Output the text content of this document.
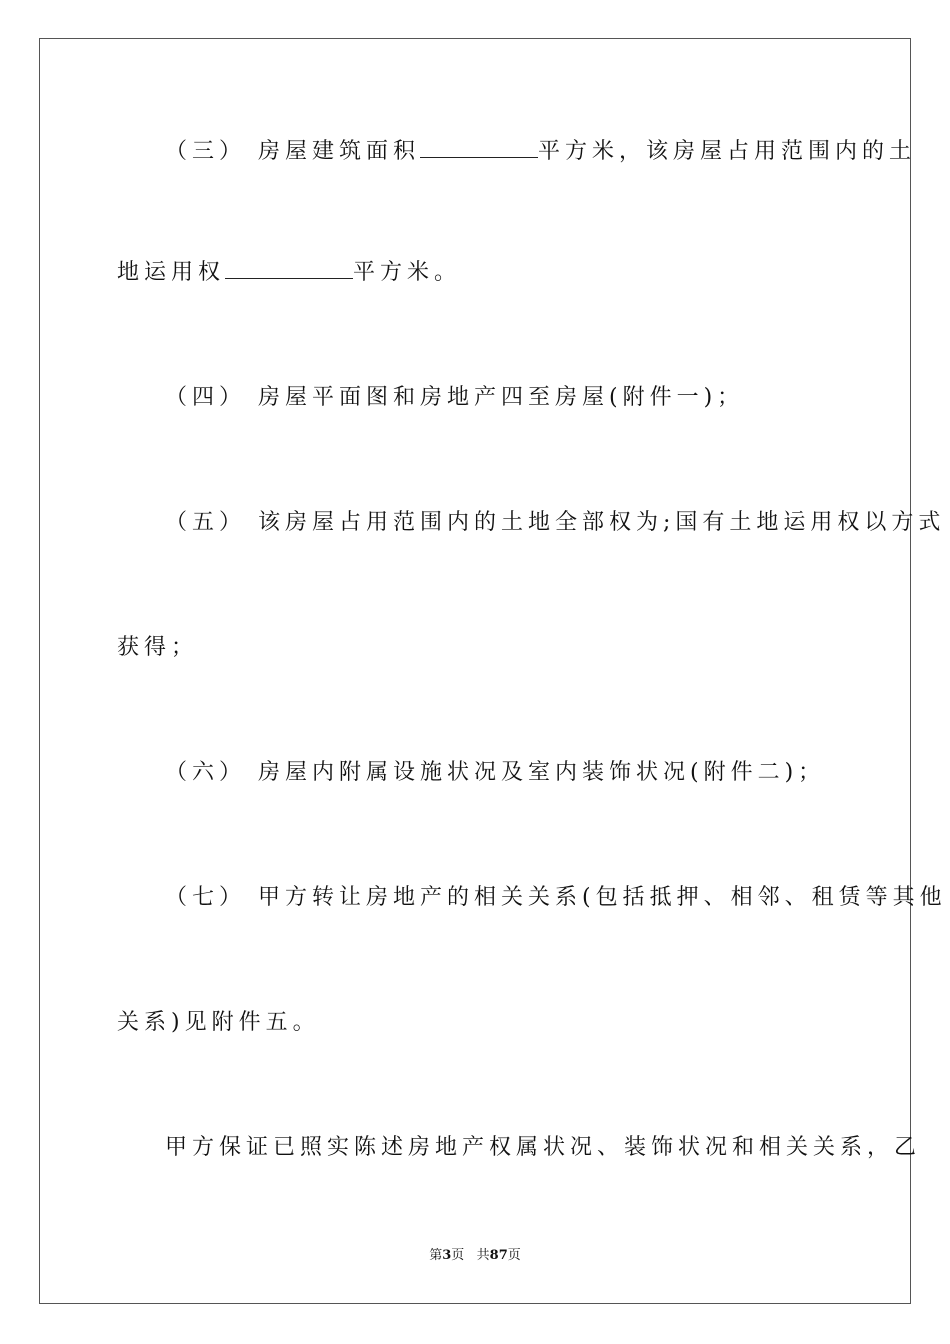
（三） 房屋建筑面积	平方米，该房屋占用范围内的土
地运用权	平方米。
（四） 房屋平面图和房地产四至房屋(附件一)；
（五） 该房屋占用范围内的土地全部权为;国有土地运用权以方式
获得；
（六） 房屋内附属设施状况及室内装饰状况(附件二)；
（七） 甲方转让房地产的相关关系(包括抵押、相邻、租赁等其他
关系)见附件五。
甲方保证已照实陈述房地产权属状况、装饰状况和相关关系，乙
第3页   共87页
